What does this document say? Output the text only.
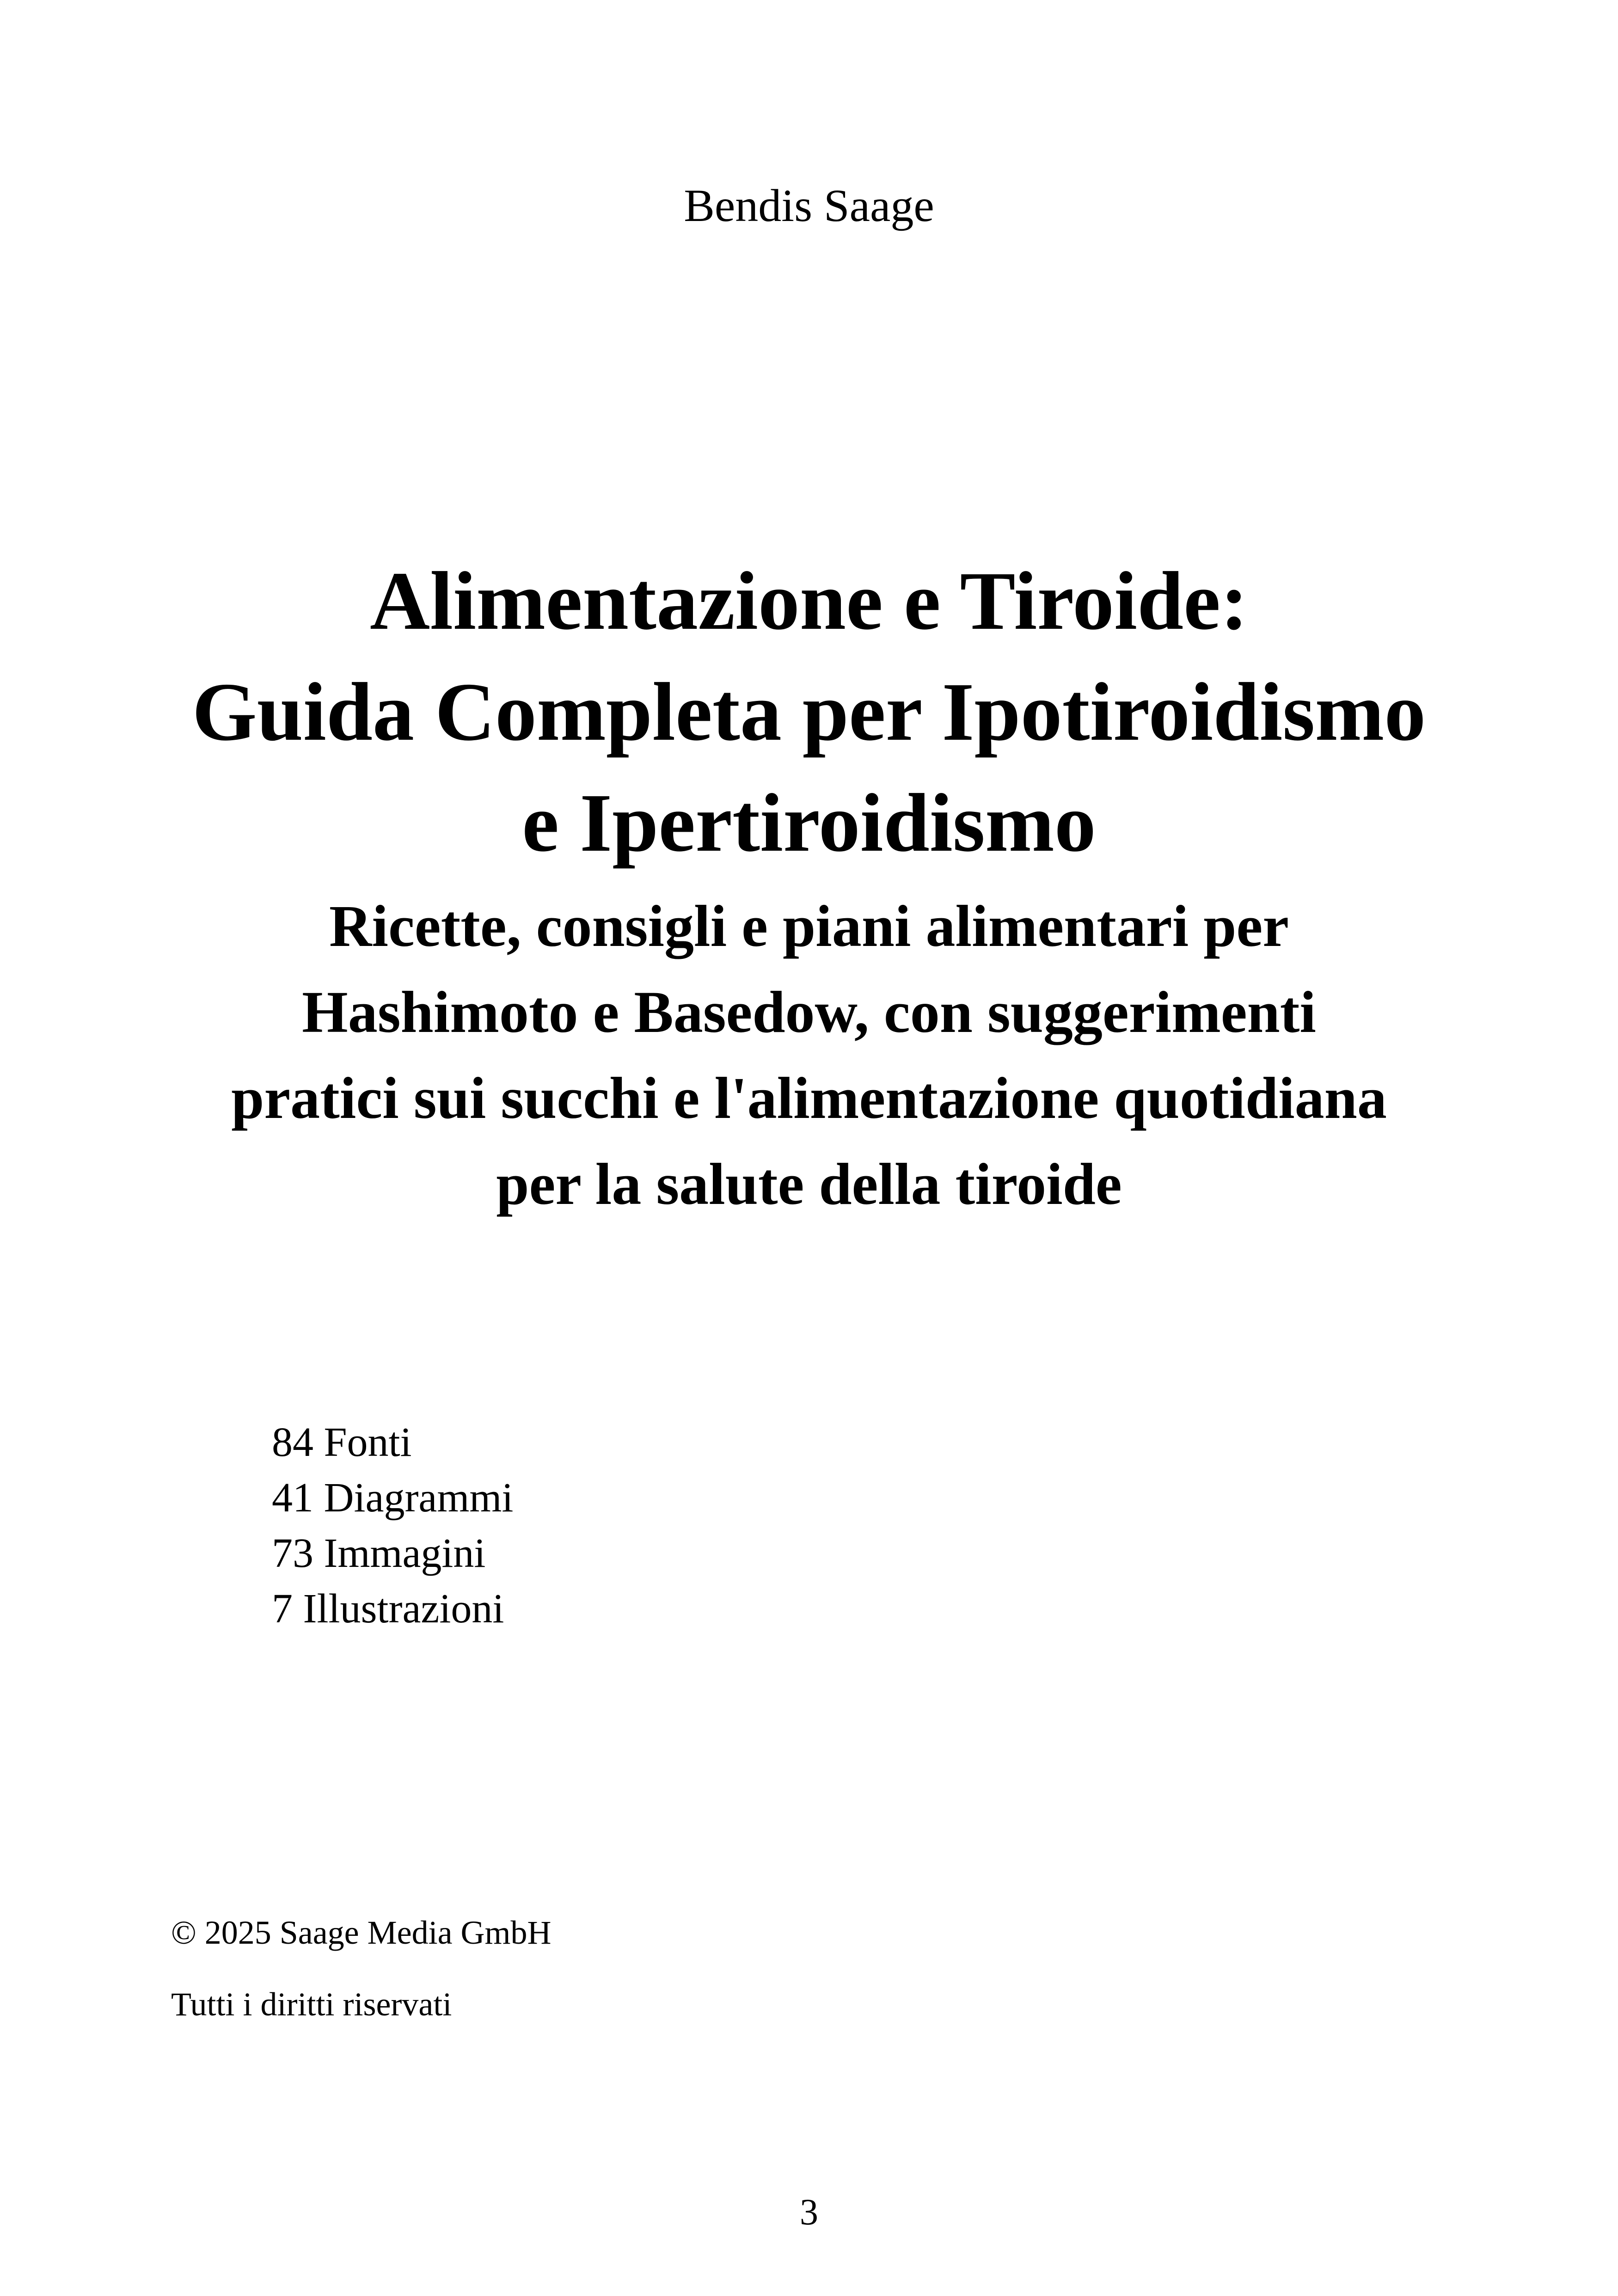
Bendis Saage

Alimentazione e Tiroide:

Guida Completa per Ipotiroidismo

e Ipertiroidismo

Ricette, consigli e piani alimentari per

Hashimoto e Basedow, con suggerimenti

pratici sui succhi e l'alimentazione quotidiana

per la salute della tiroide

84 Fonti

41 Diagrammi

73 Immagini

7 Illustrazioni

© 2025 Saage Media GmbH
Tutti i diritti riservati
3
